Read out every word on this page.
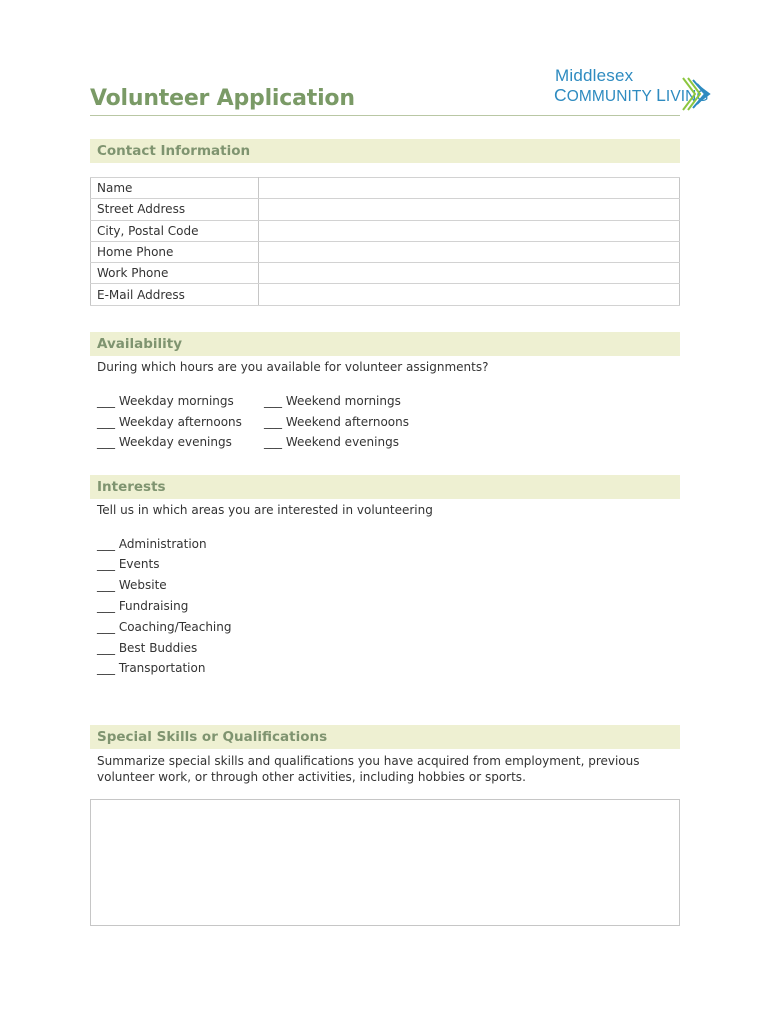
Middlesex
COMMUNITY LIVING
Volunteer Application
Contact Information
Name	
Street Address	
City, Postal Code	
Home Phone	
Work Phone	
E-Mail Address	
Availability
During which hours are you available for volunteer assignments?
___ Weekday mornings
___ Weekday afternoons
___ Weekday evenings
___ Weekend mornings
___ Weekend afternoons
___ Weekend evenings
Interests
Tell us in which areas you are interested in volunteering
___ Administration
___ Events
___ Website
___ Fundraising
___ Coaching/Teaching
___ Best Buddies
___ Transportation
Special Skills or Qualifications
Summarize special skills and qualifications you have acquired from employment, previous volunteer work, or through other activities, including hobbies or sports.
